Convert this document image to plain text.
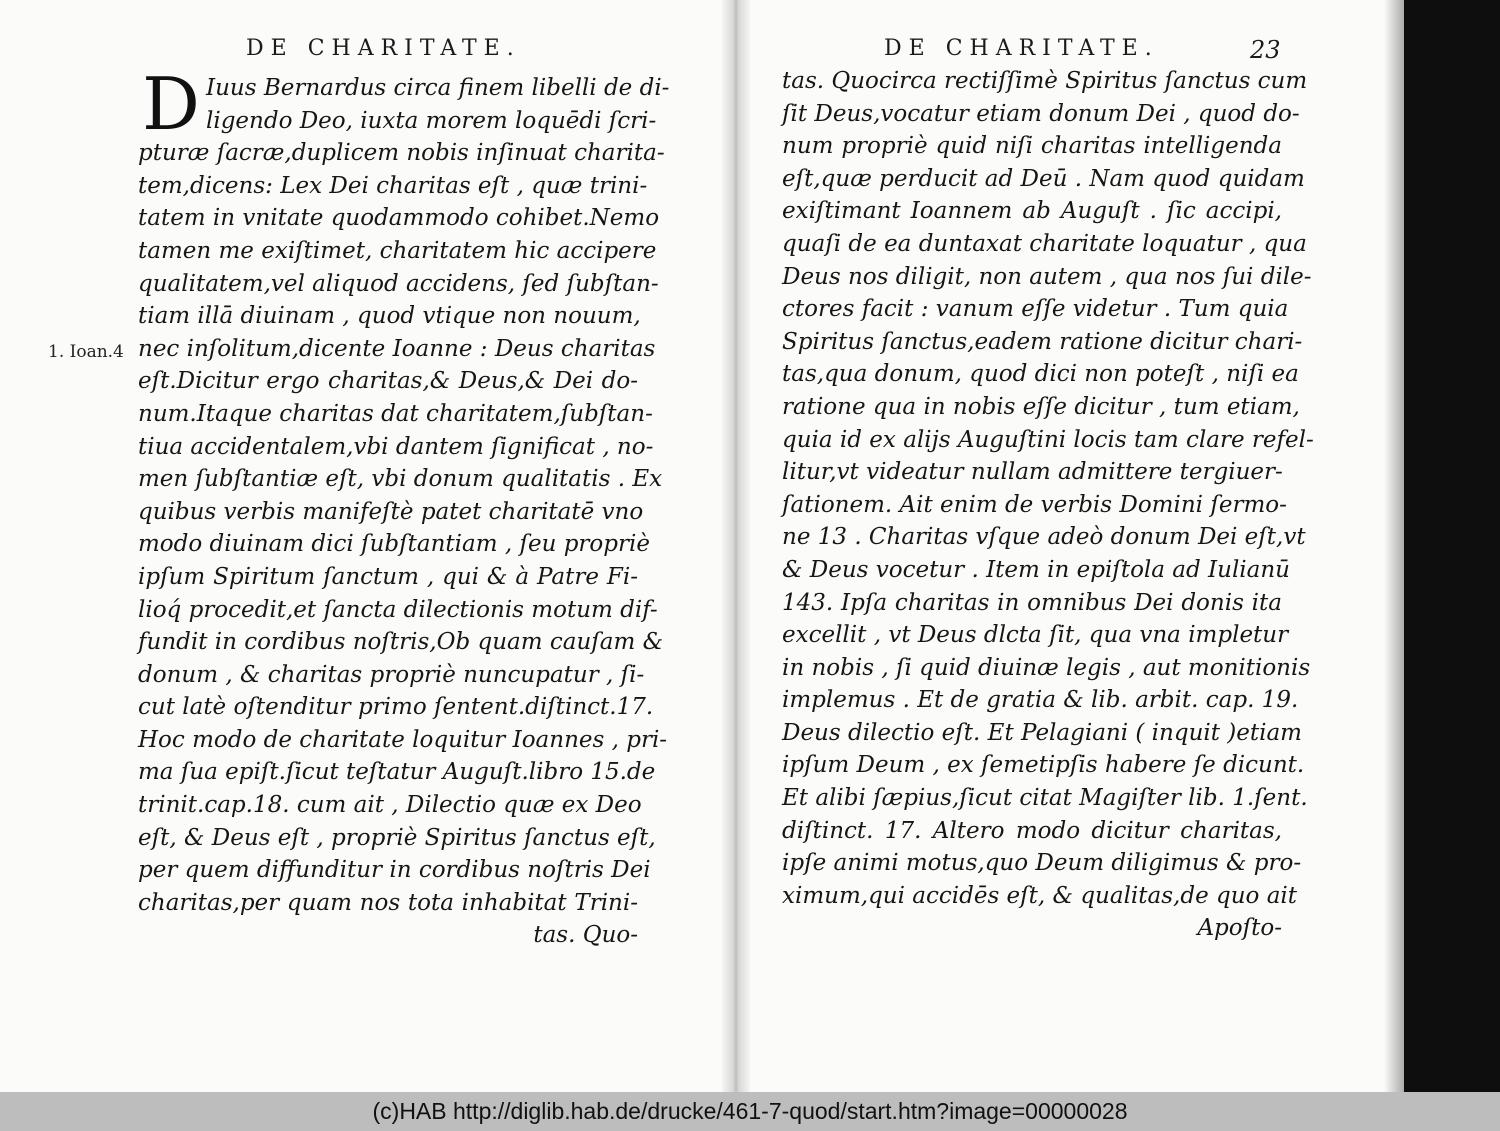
DE CHARITATE.
D
1. Ioan.4
Iuus Bernardus circa finem libelli de di-
ligendo Deo, iuxta morem loquēdi ſcri-
pturæ ſacræ,duplicem nobis inſinuat charita-
tem,dicens: Lex Dei charitas eſt , quæ trini-
tatem in vnitate quodammodo cohibet.Nemo
tamen me exiſtimet, charitatem hic accipere
qualitatem,vel aliquod accidens, ſed ſubſtan-
tiam illā diuinam , quod vtique non nouum,
nec inſolitum,dicente Ioanne : Deus charitas
eſt.Dicitur ergo charitas,& Deus,& Dei do-
num.Itaque charitas dat charitatem,ſubſtan-
tiua accidentalem,vbi dantem ſignificat , no-
men ſubſtantiæ eſt, vbi donum qualitatis . Ex
quibus verbis manifeſtè patet charitatē vno
modo diuinam dici ſubſtantiam , ſeu propriè
ipſum Spiritum ſanctum , qui & à Patre Fi-
lioq́ procedit,et ſancta dilectionis motum dif-
fundit in cordibus noſtris,Ob quam cauſam &
donum , & charitas propriè nuncupatur , ſi-
cut latè oſtenditur primo ſentent.diſtinct.17.
Hoc modo de charitate loquitur Ioannes , pri-
ma ſua epiſt.ſicut teſtatur Auguſt.libro 15.de
trinit.cap.18. cum ait , Dilectio quæ ex Deo
eſt, & Deus eſt , propriè Spiritus ſanctus eſt,
per quem diffunditur in cordibus noſtris Dei
charitas,per quam nos tota inhabitat Trini-
tas. Quo-
DE CHARITATE.	23
tas. Quocirca rectiſſimè Spiritus ſanctus cum
ſit Deus,vocatur etiam donum Dei , quod do-
num propriè quid niſi charitas intelligenda
eſt,quæ perducit ad Deū . Nam quod quidam
exiſtimant Ioannem ab Auguſt . ſic accipi,
quaſi de ea duntaxat charitate loquatur , qua
Deus nos diligit, non autem , qua nos ſui dile-
ctores facit : vanum eſſe videtur . Tum quia
Spiritus ſanctus,eadem ratione dicitur chari-
tas,qua donum, quod dici non poteſt , niſi ea
ratione qua in nobis eſſe dicitur , tum etiam,
quia id ex alijs Auguſtini locis tam clare refel-
litur,vt videatur nullam admittere tergiuer-
ſationem. Ait enim de verbis Domini ſermo-
ne 13 . Charitas vſque adeò donum Dei eſt,vt
& Deus vocetur . Item in epiſtola ad Iulianū
143. Ipſa charitas in omnibus Dei donis ita
excellit , vt Deus dlcta ſit, qua vna impletur
in nobis , ſi quid diuinæ legis , aut monitionis
implemus . Et de gratia & lib. arbit. cap. 19.
Deus dilectio eſt. Et Pelagiani ( inquit )etiam
ipſum Deum , ex ſemetipſis habere ſe dicunt.
Et alibi ſæpius,ſicut citat Magiſter lib. 1.ſent.
diſtinct. 17. Altero modo dicitur charitas,
ipſe animi motus,quo Deum diligimus & pro-
ximum,qui accidēs eſt, & qualitas,de quo ait
Apoſto-
(c)HAB http://diglib.hab.de/drucke/461-7-quod/start.htm?image=00000028
